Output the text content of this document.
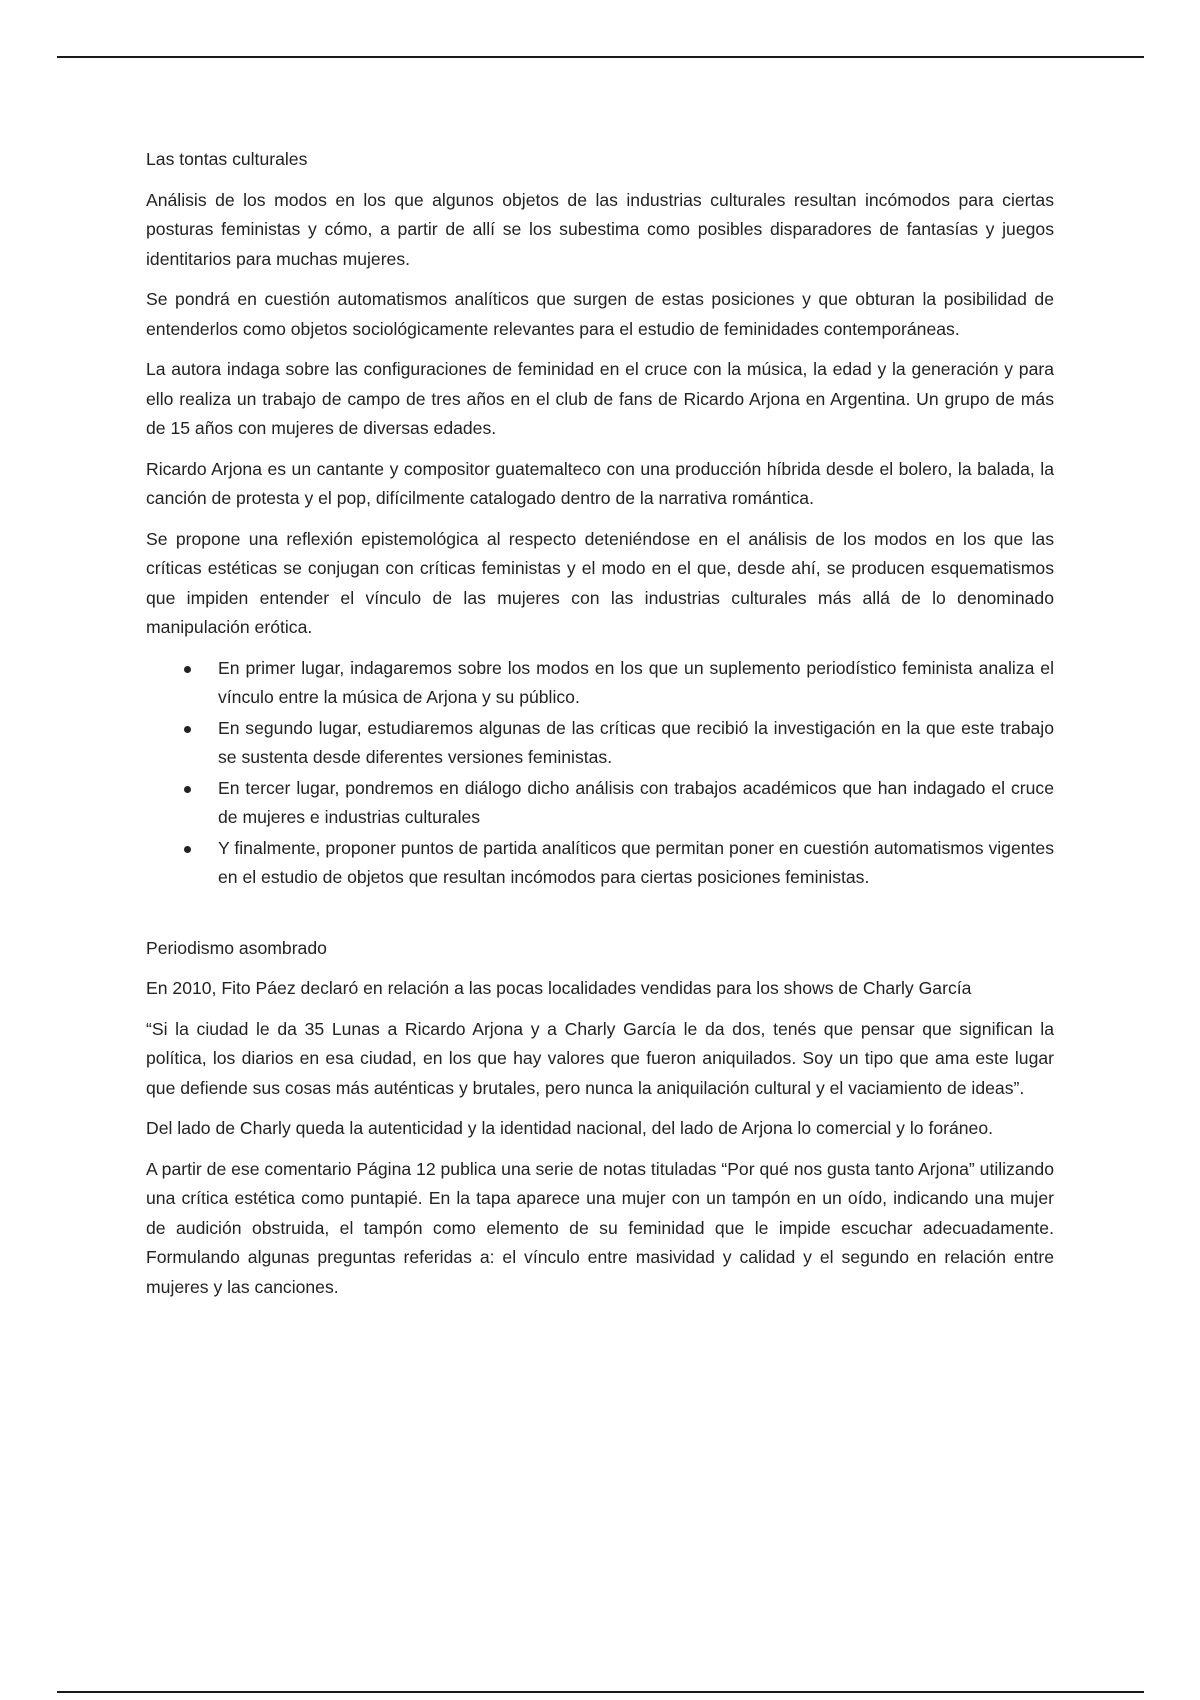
Las tontas culturales

Análisis de los modos en los que algunos objetos de las industrias culturales resultan incómodos para ciertas posturas feministas y cómo, a partir de allí se los subestima como posibles disparadores de fantasías y juegos identitarios para muchas mujeres.

Se pondrá en cuestión automatismos analíticos que surgen de estas posiciones y que obturan la posibilidad de entenderlos como objetos sociológicamente relevantes para el estudio de feminidades contemporáneas.

La autora indaga sobre las configuraciones de feminidad en el cruce con la música, la edad y la generación y para ello realiza un trabajo de campo de tres años en el club de fans de Ricardo Arjona en Argentina. Un grupo de más de 15 años con mujeres de diversas edades.

Ricardo Arjona es un cantante y compositor guatemalteco con una producción híbrida desde el bolero, la balada, la canción de protesta y el pop, difícilmente catalogado dentro de la narrativa romántica.

Se propone una reflexión epistemológica al respecto deteniéndose en el análisis de los modos en los que las críticas estéticas se conjugan con críticas feministas y el modo en el que, desde ahí, se producen esquematismos que impiden entender el vínculo de las mujeres con las industrias culturales más allá de lo denominado manipulación erótica.

En primer lugar, indagaremos sobre los modos en los que un suplemento periodístico feminista analiza el vínculo entre la música de Arjona y su público.
En segundo lugar, estudiaremos algunas de las críticas que recibió la investigación en la que este trabajo se sustenta desde diferentes versiones feministas.
En tercer lugar, pondremos en diálogo dicho análisis con trabajos académicos que han indagado el cruce de mujeres e industrias culturales
Y finalmente, proponer puntos de partida analíticos que permitan poner en cuestión automatismos vigentes en el estudio de objetos que resultan incómodos para ciertas posiciones feministas.
Periodismo asombrado

En 2010, Fito Páez declaró en relación a las pocas localidades vendidas para los shows de Charly García

“Si la ciudad le da 35 Lunas a Ricardo Arjona y a Charly García le da dos, tenés que pensar que significan la política, los diarios en esa ciudad, en los que hay valores que fueron aniquilados. Soy un tipo que ama este lugar que defiende sus cosas más auténticas y brutales, pero nunca la aniquilación cultural y el vaciamiento de ideas”.

Del lado de Charly queda la autenticidad y la identidad nacional, del lado de Arjona lo comercial y lo foráneo.

A partir de ese comentario Página 12 publica una serie de notas tituladas “Por qué nos gusta tanto Arjona” utilizando una crítica estética como puntapié. En la tapa aparece una mujer con un tampón en un oído, indicando una mujer de audición obstruida, el tampón como elemento de su feminidad que le impide escuchar adecuadamente. Formulando algunas preguntas referidas a: el vínculo entre masividad y calidad y el segundo en relación entre mujeres y las canciones.
